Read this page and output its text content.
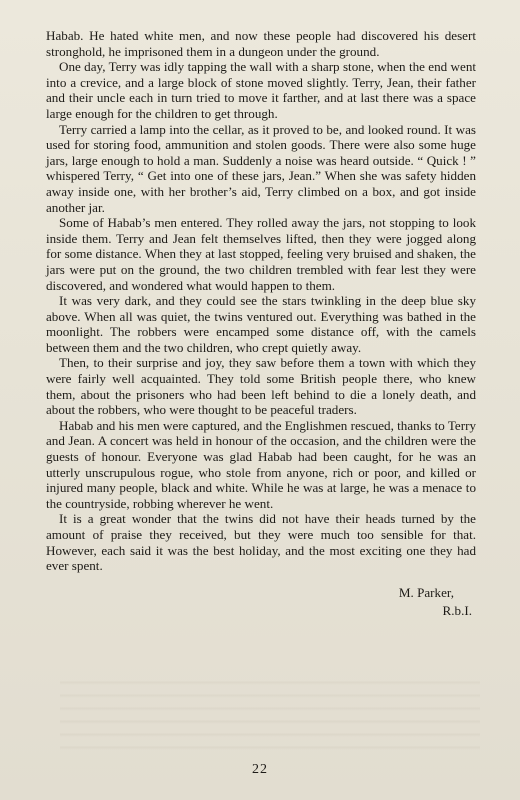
Habab. He hated white men, and now these people had discovered his desert stronghold, he imprisoned them in a dungeon under the ground.

One day, Terry was idly tapping the wall with a sharp stone, when the end went into a crevice, and a large block of stone moved slightly. Terry, Jean, their father and their uncle each in turn tried to move it farther, and at last there was a space large enough for the children to get through.

Terry carried a lamp into the cellar, as it proved to be, and looked round. It was used for storing food, ammunition and stolen goods. There were also some huge jars, large enough to hold a man. Suddenly a noise was heard outside. “ Quick ! ” whispered Terry, “ Get into one of these jars, Jean.” When she was safety hidden away inside one, with her brother’s aid, Terry climbed on a box, and got inside another jar.

Some of Habab’s men entered. They rolled away the jars, not stopping to look inside them. Terry and Jean felt themselves lifted, then they were jogged along for some distance. When they at last stopped, feeling very bruised and shaken, the jars were put on the ground, the two children trembled with fear lest they were discovered, and wondered what would happen to them.

It was very dark, and they could see the stars twinkling in the deep blue sky above. When all was quiet, the twins ventured out. Everything was bathed in the moonlight. The robbers were encamped some distance off, with the camels between them and the two children, who crept quietly away.

Then, to their surprise and joy, they saw before them a town with which they were fairly well acquainted. They told some British people there, who knew them, about the prisoners who had been left behind to die a lonely death, and about the robbers, who were thought to be peaceful traders.

Habab and his men were captured, and the Englishmen rescued, thanks to Terry and Jean. A concert was held in honour of the occasion, and the children were the guests of honour. Everyone was glad Habab had been caught, for he was an utterly unscrupulous rogue, who stole from anyone, rich or poor, and killed or injured many people, black and white. While he was at large, he was a menace to the countryside, robbing wherever he went.

It is a great wonder that the twins did not have their heads turned by the amount of praise they received, but they were much too sensible for that. However, each said it was the best holiday, and the most exciting one they had ever spent.

M. Parker,
R.b.I.
22
